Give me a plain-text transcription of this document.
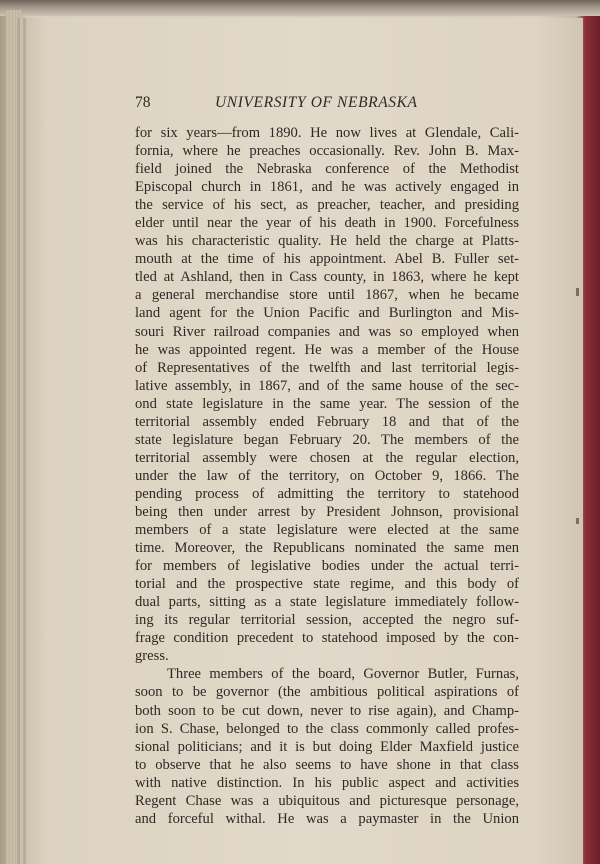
78	UNIVERSITY OF NEBRASKA
for six years—from 1890. He now lives at Glendale, Cali-
fornia, where he preaches occasionally. Rev. John B. Max-
field joined the Nebraska conference of the Methodist
Episcopal church in 1861, and he was actively engaged in
the service of his sect, as preacher, teacher, and presiding
elder until near the year of his death in 1900. Forcefulness
was his characteristic quality. He held the charge at Platts-
mouth at the time of his appointment. Abel B. Fuller set-
tled at Ashland, then in Cass county, in 1863, where he kept
a general merchandise store until 1867, when he became
land agent for the Union Pacific and Burlington and Mis-
souri River railroad companies and was so employed when
he was appointed regent. He was a member of the House
of Representatives of the twelfth and last territorial legis-
lative assembly, in 1867, and of the same house of the sec-
ond state legislature in the same year. The session of the
territorial assembly ended February 18 and that of the
state legislature began February 20. The members of the
territorial assembly were chosen at the regular election,
under the law of the territory, on October 9, 1866. The
pending process of admitting the territory to statehood
being then under arrest by President Johnson, provisional
members of a state legislature were elected at the same
time. Moreover, the Republicans nominated the same men
for members of legislative bodies under the actual terri-
torial and the prospective state regime, and this body of
dual parts, sitting as a state legislature immediately follow-
ing its regular territorial session, accepted the negro suf-
frage condition precedent to statehood imposed by the con-
gress.
Three members of the board, Governor Butler, Furnas,
soon to be governor (the ambitious political aspirations of
both soon to be cut down, never to rise again), and Champ-
ion S. Chase, belonged to the class commonly called profes-
sional politicians; and it is but doing Elder Maxfield justice
to observe that he also seems to have shone in that class
with native distinction. In his public aspect and activities
Regent Chase was a ubiquitous and picturesque personage,
and forceful withal. He was a paymaster in the Union
